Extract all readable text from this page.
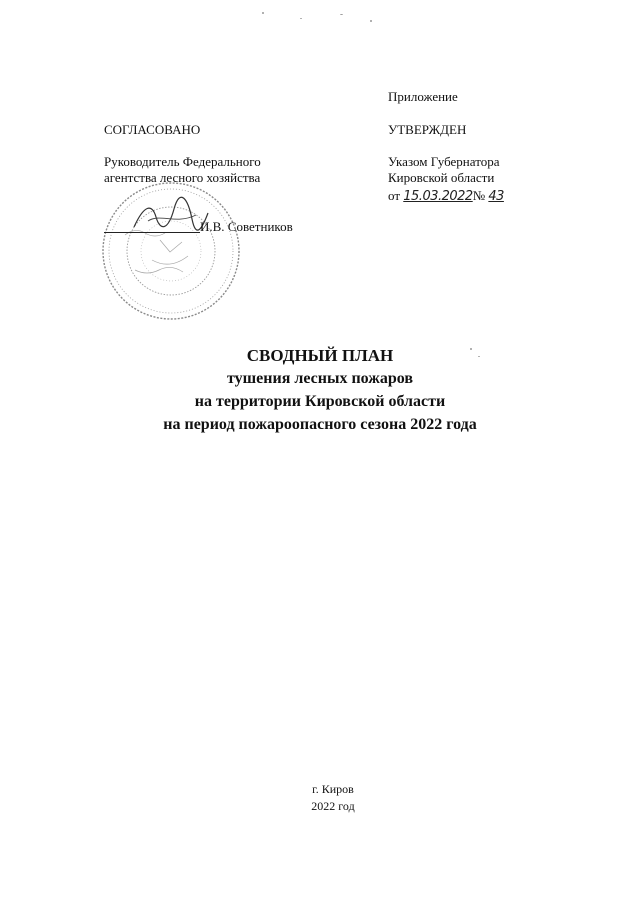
Приложение
СОГЛАСОВАНО
Руководитель Федерального
агентства лесного хозяйства
И.В. Советников
УТВЕРЖДЕН
Указом Губернатора
Кировской области
от 15.03.2022№ 43
СВОДНЫЙ ПЛАН
тушения лесных пожаров
на территории Кировской области
на период пожароопасного сезона 2022 года
г. Киров
2022 год
